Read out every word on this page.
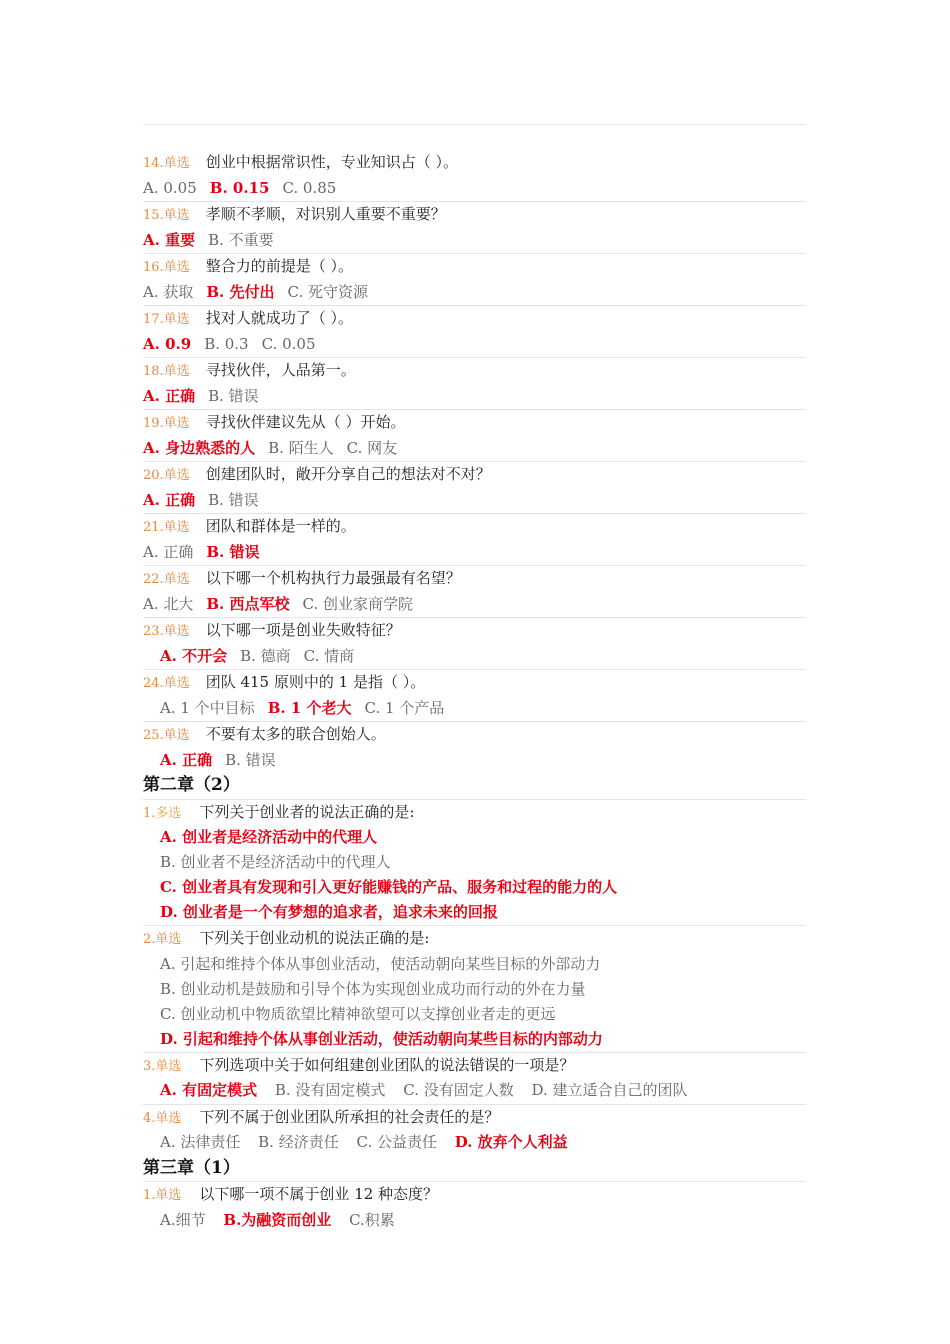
14.单选 创业中根据常识性，专业知识占（ ）。
A. 0.05 B. 0.15 C. 0.85
15.单选 孝顺不孝顺，对识别人重要不重要？
A. 重要 B. 不重要
16.单选 整合力的前提是（ ）。
A. 获取 B. 先付出 C. 死守资源
17.单选 找对人就成功了（ ）。
A. 0.9 B. 0.3 C. 0.05
18.单选 寻找伙伴，人品第一。
A. 正确 B. 错误
19.单选 寻找伙伴建议先从（ ）开始。
A. 身边熟悉的人 B. 陌生人 C. 网友
20.单选 创建团队时，敞开分享自己的想法对不对？
A. 正确 B. 错误
21.单选 团队和群体是一样的。
A. 正确 B. 错误
22.单选 以下哪一个机构执行力最强最有名望？
A. 北大 B. 西点军校 C. 创业家商学院
23.单选 以下哪一项是创业失败特征？
A. 不开会 B. 德商 C. 情商
24.单选 团队 415 原则中的 1 是指（ ）。
A. 1 个中目标 B. 1 个老大 C. 1 个产品
25.单选 不要有太多的联合创始人。
A. 正确 B. 错误
第二章（2）
1.多选 下列关于创业者的说法正确的是:
A. 创业者是经济活动中的代理人
B. 创业者不是经济活动中的代理人
C. 创业者具有发现和引入更好能赚钱的产品、服务和过程的能力的人
D. 创业者是一个有梦想的追求者，追求未来的回报
2.单选 下列关于创业动机的说法正确的是:
A. 引起和维持个体从事创业活动，使活动朝向某些目标的外部动力
B. 创业动机是鼓励和引导个体为实现创业成功而行动的外在力量
C. 创业动机中物质欲望比精神欲望可以支撑创业者走的更远
D. 引起和维持个体从事创业活动，使活动朝向某些目标的内部动力
3.单选 下列选项中关于如何组建创业团队的说法错误的一项是？
A. 有固定模式 B. 没有固定模式 C. 没有固定人数 D. 建立适合自己的团队
4.单选 下列不属于创业团队所承担的社会责任的是？
A. 法律责任 B. 经济责任 C. 公益责任 D. 放弃个人利益
第三章（1）
1.单选 以下哪一项不属于创业 12 种态度？
A.细节 B.为融资而创业 C.积累
